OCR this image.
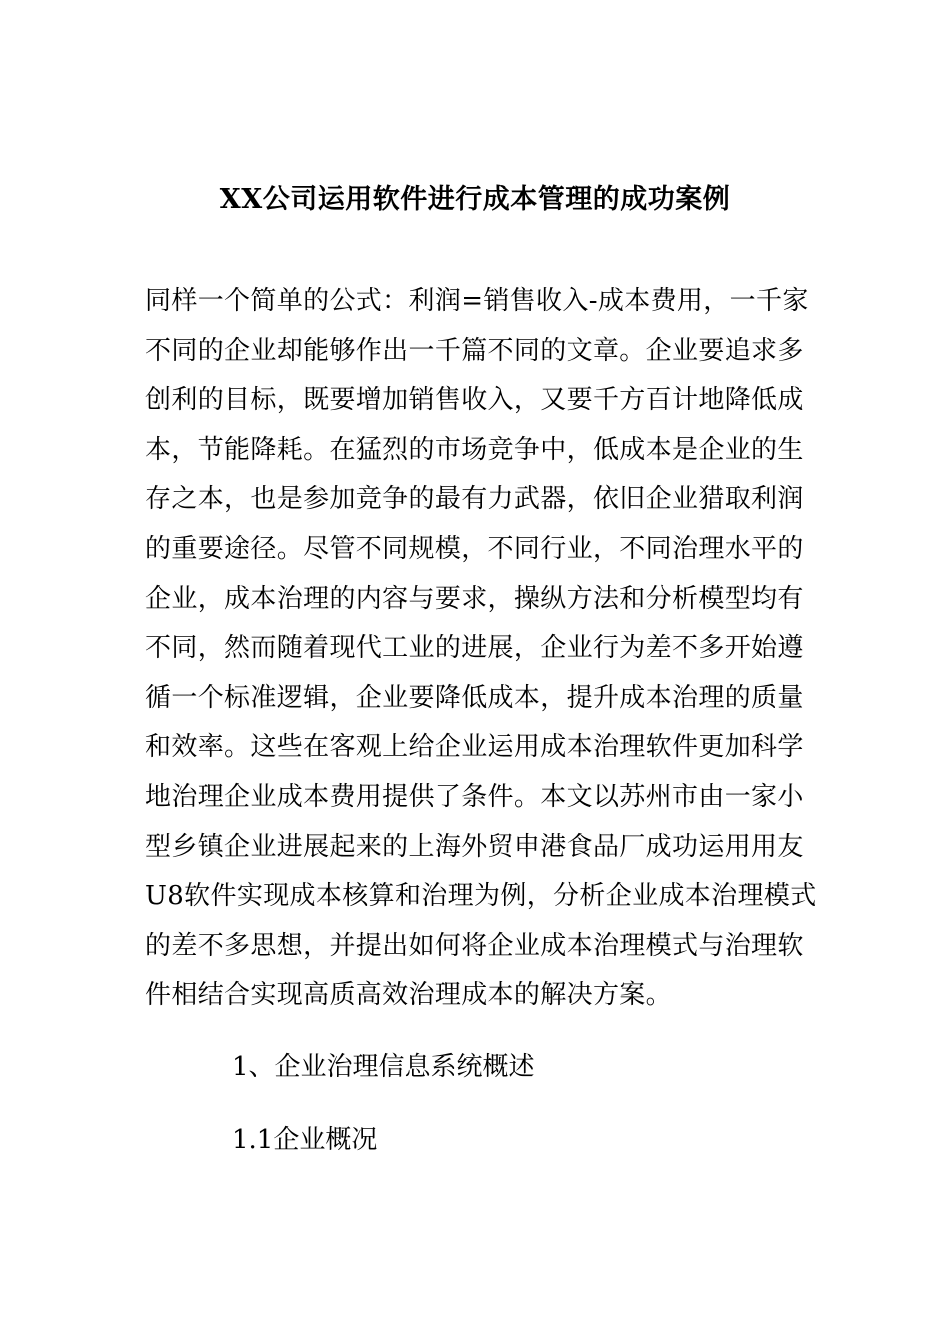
XX公司运用软件进行成本管理的成功案例
同样一个简单的公式：利润=销售收入-成本费用，一千家
不同的企业却能够作出一千篇不同的文章。企业要追求多
创利的目标，既要增加销售收入，又要千方百计地降低成
本，节能降耗。在猛烈的市场竞争中，低成本是企业的生
存之本，也是参加竞争的最有力武器，依旧企业猎取利润
的重要途径。尽管不同规模，不同行业，不同治理水平的
企业，成本治理的内容与要求，操纵方法和分析模型均有
不同，然而随着现代工业的进展，企业行为差不多开始遵
循一个标准逻辑，企业要降低成本，提升成本治理的质量
和效率。这些在客观上给企业运用成本治理软件更加科学
地治理企业成本费用提供了条件。本文以苏州市由一家小
型乡镇企业进展起来的上海外贸申港食品厂成功运用用友
U8软件实现成本核算和治理为例，分析企业成本治理模式
的差不多思想，并提出如何将企业成本治理模式与治理软
件相结合实现高质高效治理成本的解决方案。
1、企业治理信息系统概述
1.1企业概况
